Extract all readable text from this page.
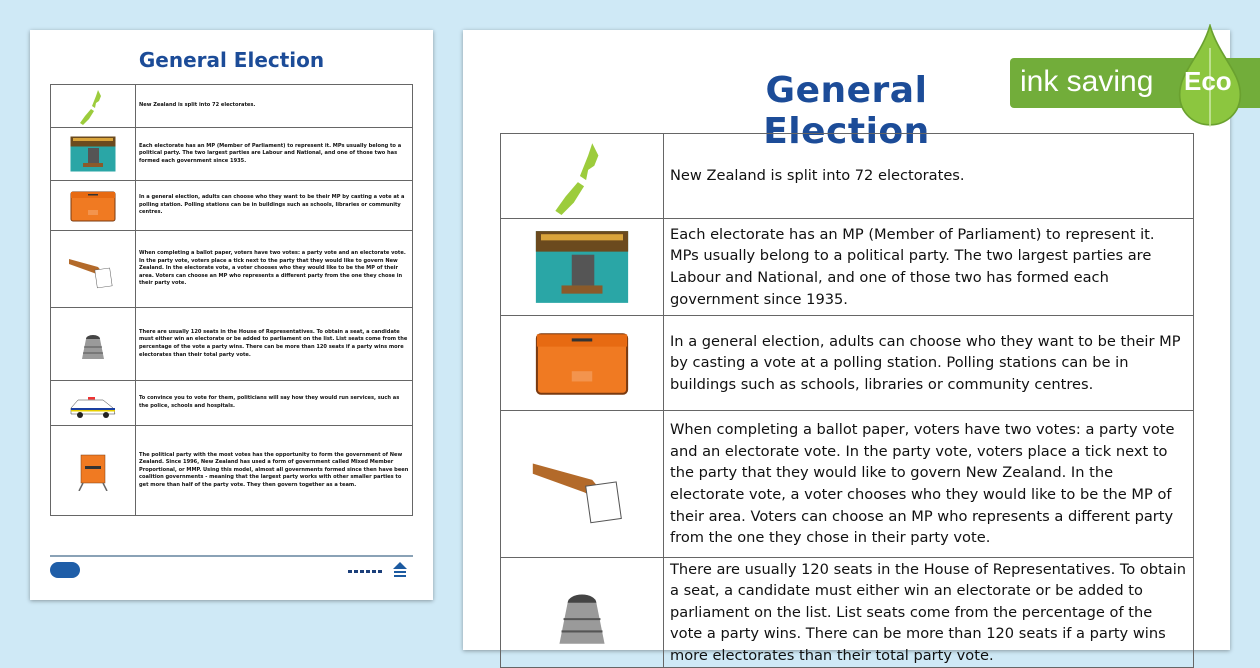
General Election
	New Zealand is split into 72 electorates.

	Each electorate has an MP (Member of Parliament) to represent it. MPs usually belong to a political party. The two largest parties are Labour and National, and one of those two has formed each government since 1935.

	In a general election, adults can choose who they want to be their MP by casting a vote at a polling station. Polling stations can be in buildings such as schools, libraries or community centres.

	When completing a ballot paper, voters have two votes: a party vote and an electorate vote. In the party vote, voters place a tick next to the party that they would like to govern New Zealand. In the electorate vote, a voter chooses who they would like to be the MP of their area. Voters can choose an MP who represents a different party from the one they chose in their party vote.

	There are usually 120 seats in the House of Representatives. To obtain a seat, a candidate must either win an electorate or be added to parliament on the list. List seats come from the percentage of the vote a party wins. There can be more than 120 seats if a party wins more electorates than their total party vote.

	To convince you to vote for them, politicians will say how they would run services, such as the police, schools and hospitals.

	The political party with the most votes has the opportunity to form the government of New Zealand. Since 1996, New Zealand has used a form of government called Mixed Member Proportional, or MMP. Using this model, almost all governments formed since then have been coalition governments - meaning that the largest party works with other smaller parties to get more than half of the party vote. They then govern together as a team.
General Election
	New Zealand is split into 72 electorates.

	Each electorate has an MP (Member of Parliament) to represent it. MPs usually belong to a political party. The two largest parties are Labour and National, and one of those two has formed each government since 1935.

	In a general election, adults can choose who they want to be their MP by casting a vote at a polling station. Polling stations can be in buildings such as schools, libraries or community centres.

	When completing a ballot paper, voters have two votes: a party vote and an electorate vote. In the party vote, voters place a tick next to the party that they would like to govern New Zealand. In the electorate vote, a voter chooses who they would like to be the MP of their area. Voters can choose an MP who represents a different party from the one they chose in their party vote.

	There are usually 120 seats in the House of Representatives. To obtain a seat, a candidate must either win an electorate or be added to parliament on the list. List seats come from the percentage of the vote a party wins. There can be more than 120 seats if a party wins more electorates than their total party vote.
ink saving Eco
